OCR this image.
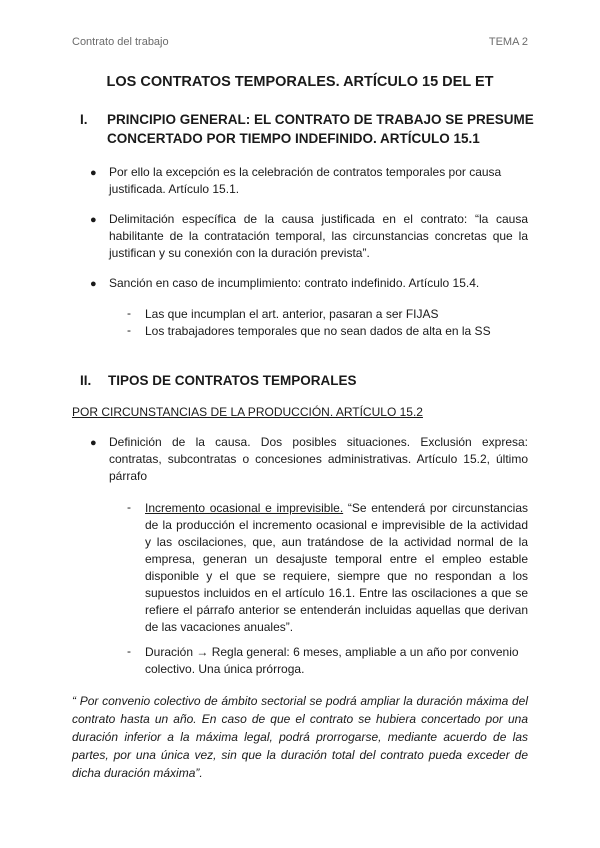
Contrato del trabajo	TEMA 2
LOS CONTRATOS TEMPORALES. ARTÍCULO 15 DEL ET
I. PRINCIPIO GENERAL: EL CONTRATO DE TRABAJO SE PRESUME
CONCERTADO POR TIEMPO INDEFINIDO. ARTÍCULO 15.1
● Por ello la excepción es la celebración de contratos temporales por causa justificada. Artículo 15.1.
● Delimitación específica de la causa justificada en el contrato: “la causa habilitante de la contratación temporal, las circunstancias concretas que la justifican y su conexión con la duración prevista”.
● Sanción en caso de incumplimiento: contrato indefinido. Artículo 15.4.
- Las que incumplan el art. anterior, pasaran a ser FIJAS
- Los trabajadores temporales que no sean dados de alta en la SS
II. TIPOS DE CONTRATOS TEMPORALES
POR CIRCUNSTANCIAS DE LA PRODUCCIÓN. ARTÍCULO 15.2
● Definición de la causa. Dos posibles situaciones. Exclusión expresa: contratas, subcontratas o concesiones administrativas. Artículo 15.2, último párrafo
- Incremento ocasional e imprevisible. “Se entenderá por circunstancias de la producción el incremento ocasional e imprevisible de la actividad y las oscilaciones, que, aun tratándose de la actividad normal de la empresa, generan un desajuste temporal entre el empleo estable disponible y el que se requiere, siempre que no respondan a los supuestos incluidos en el artículo 16.1. Entre las oscilaciones a que se refiere el párrafo anterior se entenderán incluidas aquellas que derivan de las vacaciones anuales”.
- Duración → Regla general: 6 meses, ampliable a un año por convenio colectivo. Una única prórroga.
“ Por convenio colectivo de ámbito sectorial se podrá ampliar la duración máxima del contrato hasta un año. En caso de que el contrato se hubiera concertado por una duración inferior a la máxima legal, podrá prorrogarse, mediante acuerdo de las partes, por una única vez, sin que la duración total del contrato pueda exceder de dicha duración máxima”.
